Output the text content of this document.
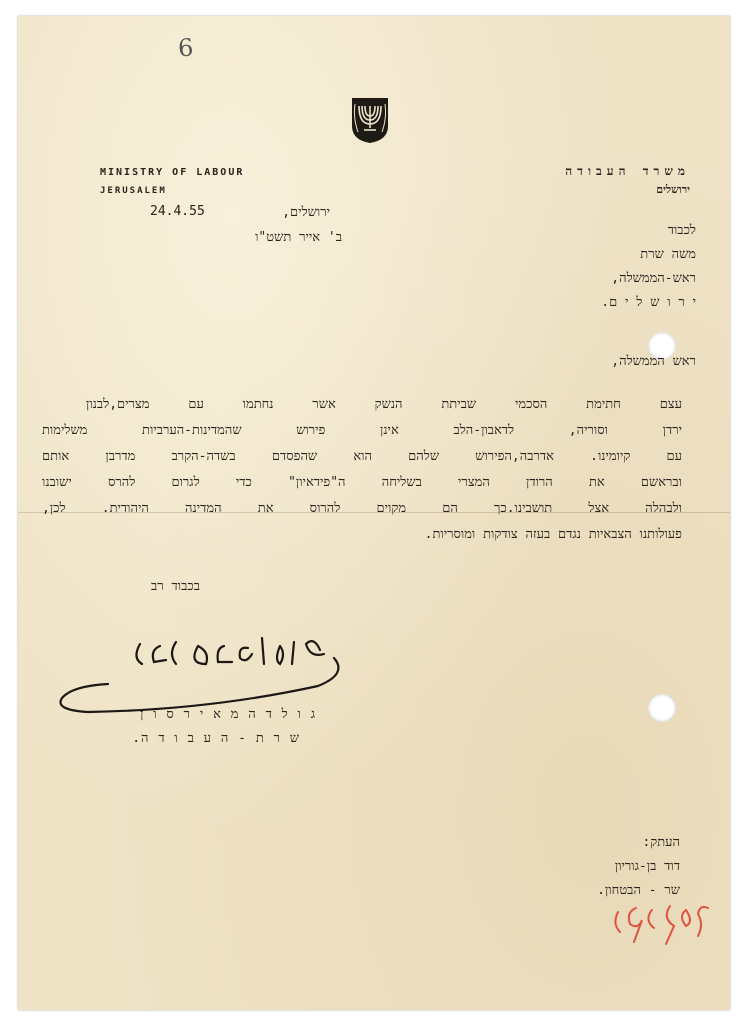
6
MINISTRY OF LABOUR
JERUSALEM
משרד העבודה
ירושלים
ירושלים,
24.4.55
ב' אייר תשט"ו	לכבוד
משה שרת
ראש-הממשלה,
י ר ו ש ל י ם.
ראש הממשלה,
עצם חתימת הסכמי שביתת הנשק אשר נחתמו עם מצרים,לבנון
ירדן וסוריה, לדאבון-הלב אינן פירוש שהמדינות-הערביות משלימות
עם קיומינו. אדרבה,הפירוש שלהם הוא שהפסדם בשדה-הקרב מדרבן אותם
ובראשם את הרודן המצרי בשליחה ה"פידאיון" כדי לגרום להרס ישובנו
ולבהלה אצל תושבינו.כך הם מקוים להרוס את המדינה היהודית. לכן,
פעולותנו הצבאיות נגדם בעזה צודקות ומוסריות.
בכבוד רב
ג ו ל ד ה מ א י ר ס ו ן
ש ר ת - ה ע ב ו ד ה.
העתק:
דוד בן-גוריון
שר - הבטחון.
